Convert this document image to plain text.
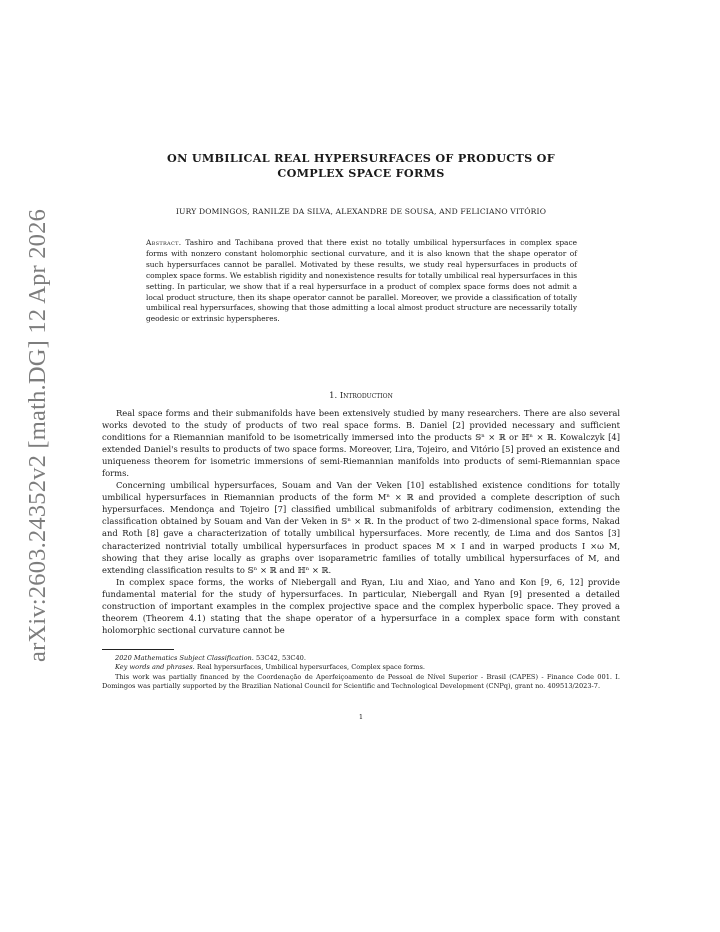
arXiv:2603.24352v2 [math.DG] 12 Apr 2026
ON UMBILICAL REAL HYPERSURFACES OF PRODUCTS OF
COMPLEX SPACE FORMS
IURY DOMINGOS, RANILZE DA SILVA, ALEXANDRE DE SOUSA, AND FELICIANO VITÓRIO
Abstract. Tashiro and Tachibana proved that there exist no totally umbilical hypersurfaces in complex space forms with nonzero constant holomorphic sectional curvature, and it is also known that the shape operator of such hypersurfaces cannot be parallel. Motivated by these results, we study real hypersurfaces in products of complex space forms. We establish rigidity and nonexistence results for totally umbilical real hypersurfaces in this setting. In particular, we show that if a real hypersurface in a product of complex space forms does not admit a local product structure, then its shape operator cannot be parallel. Moreover, we provide a classification of totally umbilical real hypersurfaces, showing that those admitting a local almost product structure are necessarily totally geodesic or extrinsic hyperspheres.
1. Introduction

Real space forms and their submanifolds have been extensively studied by many researchers. There are also several works devoted to the study of products of two real space forms. B. Daniel [2] provided necessary and sufficient conditions for a Riemannian manifold to be isometrically immersed into the products 𝕊ⁿ × ℝ or ℍⁿ × ℝ. Kowalczyk [4] extended Daniel's results to products of two space forms. Moreover, Lira, Tojeiro, and Vitório [5] proved an existence and uniqueness theorem for isometric immersions of semi-Riemannian manifolds into products of semi-Riemannian space forms.

Concerning umbilical hypersurfaces, Souam and Van der Veken [10] established existence conditions for totally umbilical hypersurfaces in Riemannian products of the form Mⁿ × ℝ and provided a complete description of such hypersurfaces. Mendonça and Tojeiro [7] classified umbilical submanifolds of arbitrary codimension, extending the classification obtained by Souam and Van der Veken in 𝕊ⁿ × ℝ. In the product of two 2-dimensional space forms, Nakad and Roth [8] gave a characterization of totally umbilical hypersurfaces. More recently, de Lima and dos Santos [3] characterized nontrivial totally umbilical hypersurfaces in product spaces M × I and in warped products I ×ω M, showing that they arise locally as graphs over isoparametric families of totally umbilical hypersurfaces of M, and extending classification results to 𝕊ⁿ × ℝ and ℍⁿ × ℝ.

In complex space forms, the works of Niebergall and Ryan, Liu and Xiao, and Yano and Kon [9, 6, 12] provide fundamental material for the study of hypersurfaces. In particular, Niebergall and Ryan [9] presented a detailed construction of important examples in the complex projective space and the complex hyperbolic space. They proved a theorem (Theorem 4.1) stating that the shape operator of a hypersurface in a complex space form with constant holomorphic sectional curvature cannot be

2020 Mathematics Subject Classification. 53C42, 53C40.

Key words and phrases. Real hypersurfaces, Umbilical hypersurfaces, Complex space forms.

This work was partially financed by the Coordenação de Aperfeiçoamento de Pessoal de Nível Superior - Brasil (CAPES) - Finance Code 001. I. Domingos was partially supported by the Brazilian National Council for Scientific and Technological Development (CNPq), grant no. 409513/2023-7.

1
